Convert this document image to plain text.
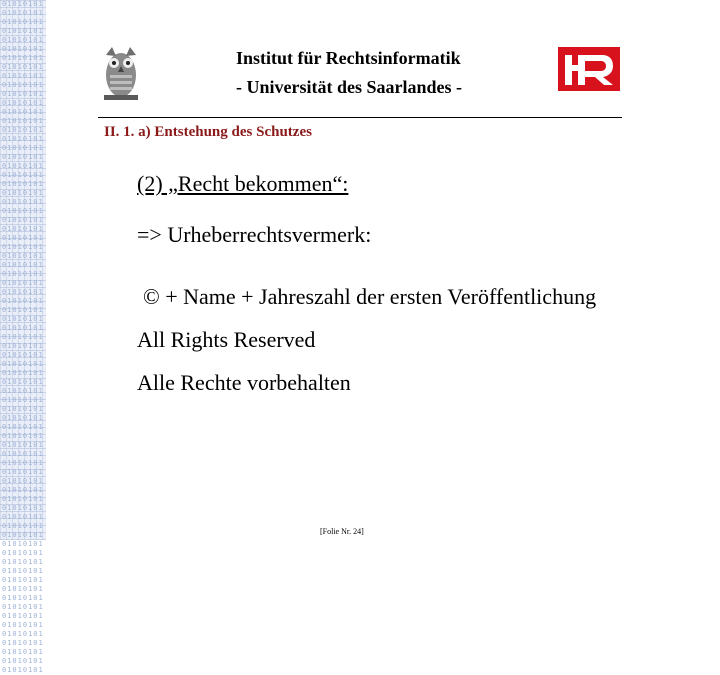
010101010101010101010101010101010101010101010101010101010101010101010101010101010101010101010101010101010101010101010101010101010101010101010101010101010101010101010101010101010101010101010101010101010101010101010101010101010101010101010101010101010101010101010101010101010101010101010101010101010101010101010101010101010101010101010101010101010101010101010101010101010101010101010101010101010101010101010101010101010101010101010101010101010101010101010101010101010101010101010101010101010101010101010101010101010101010101010101010101010101010101010101010101010101010101010101010101010101010101010101
Institut für Rechtsinformatik
- Universität des Saarlandes -
II. 1. a) Entstehung des Schutzes
(2) „Recht bekommen“:
=> Urheberrechtsvermerk:
© + Name + Jahreszahl der ersten Veröffentlichung
All Rights Reserved
Alle Rechte vorbehalten
[Folie Nr. 24]
